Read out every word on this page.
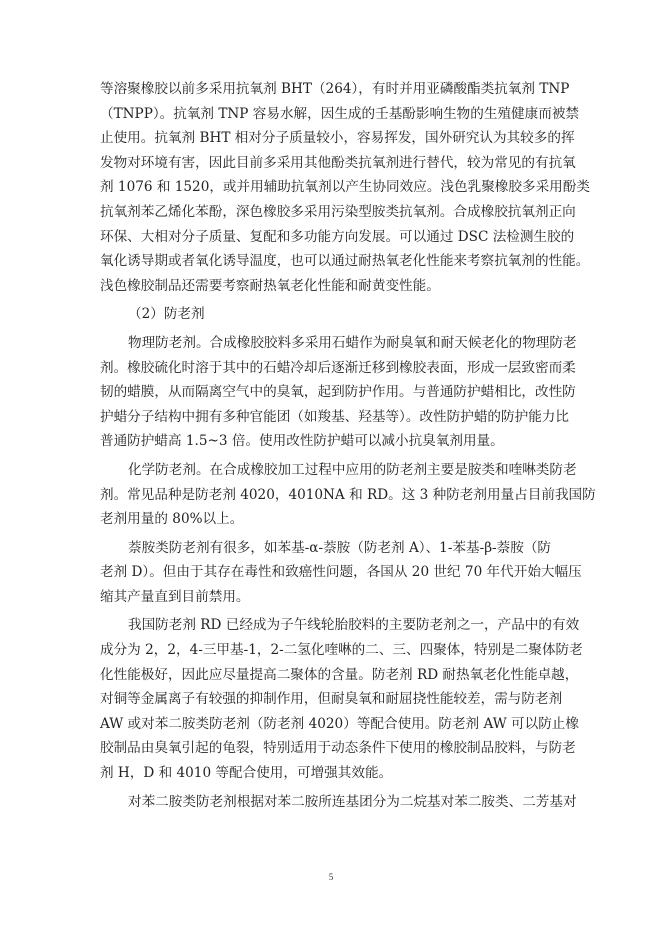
等溶聚橡胶以前多采用抗氧剂 BHT（264），有时并用亚磷酸酯类抗氧剂 TNP
（TNPP）。抗氧剂 TNP 容易水解，因生成的壬基酚影响生物的生殖健康而被禁
止使用。抗氧剂 BHT 相对分子质量较小，容易挥发，国外研究认为其较多的挥
发物对环境有害，因此目前多采用其他酚类抗氧剂进行替代，较为常见的有抗氧
剂 1076 和 1520，或并用辅助抗氧剂以产生协同效应。浅色乳聚橡胶多采用酚类
抗氧剂苯乙烯化苯酚，深色橡胶多采用污染型胺类抗氧剂。合成橡胶抗氧剂正向
环保、大相对分子质量、复配和多功能方向发展。可以通过 DSC 法检测生胶的
氧化诱导期或者氧化诱导温度，也可以通过耐热氧老化性能来考察抗氧剂的性能。
浅色橡胶制品还需要考察耐热氧老化性能和耐黄变性能。
（2）防老剂
物理防老剂。合成橡胶胶料多采用石蜡作为耐臭氧和耐天候老化的物理防老
剂。橡胶硫化时溶于其中的石蜡冷却后逐渐迁移到橡胶表面，形成一层致密而柔
韧的蜡膜，从而隔离空气中的臭氧，起到防护作用。与普通防护蜡相比，改性防
护蜡分子结构中拥有多种官能团（如羧基、羟基等）。改性防护蜡的防护能力比
普通防护蜡高 1.5~3 倍。使用改性防护蜡可以减小抗臭氧剂用量。
化学防老剂。在合成橡胶加工过程中应用的防老剂主要是胺类和喹啉类防老
剂。常见品种是防老剂 4020，4010NA 和 RD。这 3 种防老剂用量占目前我国防
老剂用量的 80%以上。
萘胺类防老剂有很多，如苯基-α-萘胺（防老剂 A）、1-苯基-β-萘胺（防
老剂 D）。但由于其存在毒性和致癌性问题，各国从 20 世纪 70 年代开始大幅压
缩其产量直到目前禁用。
我国防老剂 RD 已经成为子午线轮胎胶料的主要防老剂之一，产品中的有效
成分为 2，2，4-三甲基-1，2-二氢化喹啉的二、三、四聚体，特别是二聚体防老
化性能极好，因此应尽量提高二聚体的含量。防老剂 RD 耐热氧老化性能卓越，
对铜等金属离子有较强的抑制作用，但耐臭氧和耐屈挠性能较差，需与防老剂
AW 或对苯二胺类防老剂（防老剂 4020）等配合使用。防老剂 AW 可以防止橡
胶制品由臭氧引起的龟裂，特别适用于动态条件下使用的橡胶制品胶料，与防老
剂 H，D 和 4010 等配合使用，可增强其效能。
对苯二胺类防老剂根据对苯二胺所连基团分为二烷基对苯二胺类、二芳基对
5
